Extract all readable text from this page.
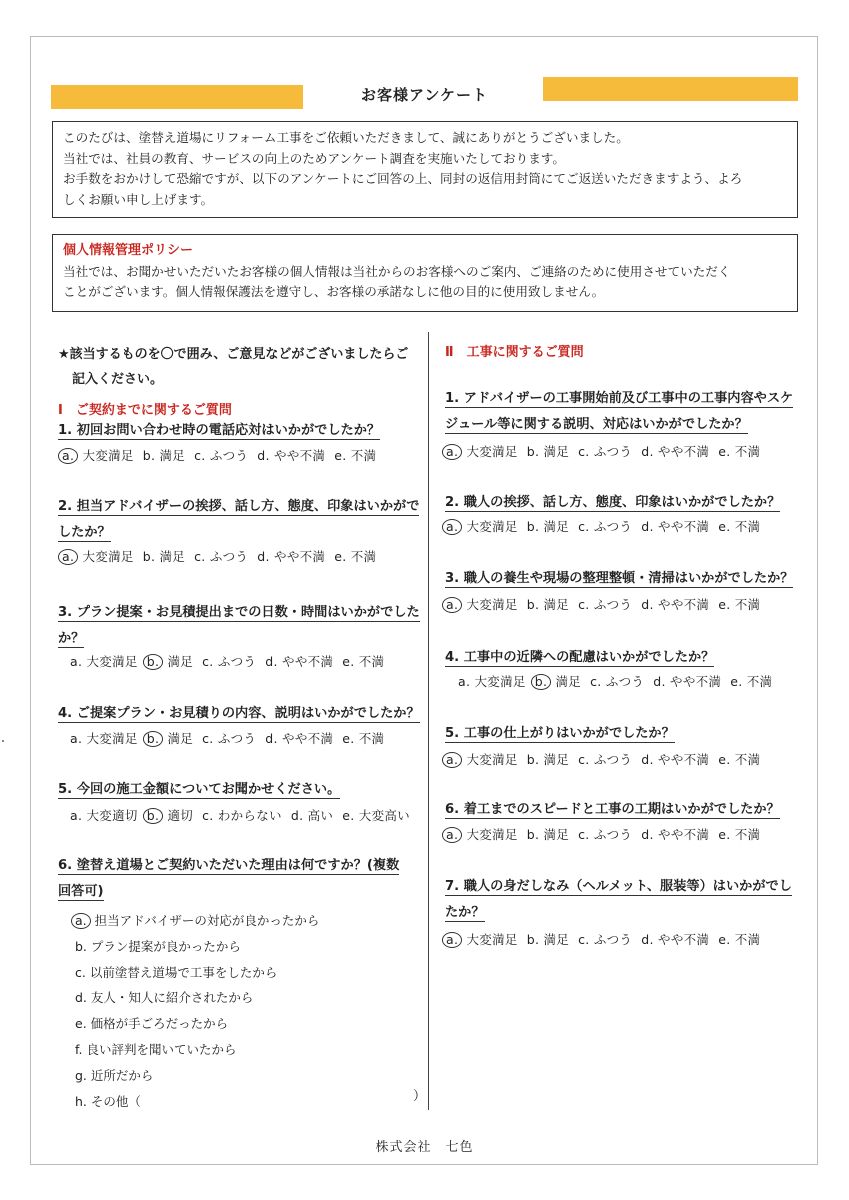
お客様アンケート
このたびは、塗替え道場にリフォーム工事をご依頼いただきまして、誠にありがとうございました。
当社では、社員の教育、サービスの向上のためアンケート調査を実施いたしております。
お手数をおかけして恐縮ですが、以下のアンケートにご回答の上、同封の返信用封筒にてご返送いただきますよう、よろ
しくお願い申し上げます。
個人情報管理ポリシー
当社では、お聞かせいただいたお客様の個人情報は当社からのお客様へのご案内、ご連絡のために使用させていただく
ことがございます。個人情報保護法を遵守し、お客様の承諾なしに他の目的に使用致しません。
★該当するものを〇で囲み、ご意見などがございましたらご
記入ください。
Ⅰ　ご契約までに関するご質問
Ⅱ　工事に関するご質問
1. 初回お問い合わせ時の電話応対はいかがでしたか？
a. 大変満足 b. 満足 c. ふつう d. やや不満 e. 不満
2. 担当アドバイザーの挨拶、話し方、態度、印象はいかがで
したか？
a. 大変満足 b. 満足 c. ふつう d. やや不満 e. 不満
3. プラン提案・お見積提出までの日数・時間はいかがでした
か？
a. 大変満足 b. 満足 c. ふつう d. やや不満 e. 不満
4. ご提案プラン・お見積りの内容、説明はいかがでしたか？
a. 大変満足 b. 満足 c. ふつう d. やや不満 e. 不満
5. 今回の施工金額についてお聞かせください。
a. 大変適切 b. 適切 c. わからない d. 高い e. 大変高い
6. 塗替え道場とご契約いただいた理由は何ですか？(複数
回答可)
a. 担当アドバイザーの対応が良かったから
b. プラン提案が良かったから
c. 以前塗替え道場で工事をしたから
d. 友人・知人に紹介されたから
e. 価格が手ごろだったから
f. 良い評判を聞いていたから
g. 近所だから
h. その他（	）
1. アドバイザーの工事開始前及び工事中の工事内容やスケ
ジュール等に関する説明、対応はいかがでしたか？
a. 大変満足 b. 満足 c. ふつう d. やや不満 e. 不満
2. 職人の挨拶、話し方、態度、印象はいかがでしたか？
a. 大変満足 b. 満足 c. ふつう d. やや不満 e. 不満
3. 職人の養生や現場の整理整頓・清掃はいかがでしたか？
a. 大変満足 b. 満足 c. ふつう d. やや不満 e. 不満
4. 工事中の近隣への配慮はいかがでしたか？
a. 大変満足 b. 満足 c. ふつう d. やや不満 e. 不満
5. 工事の仕上がりはいかがでしたか？
a. 大変満足 b. 満足 c. ふつう d. やや不満 e. 不満
6. 着工までのスピードと工事の工期はいかがでしたか？
a. 大変満足 b. 満足 c. ふつう d. やや不満 e. 不満
7. 職人の身だしなみ（ヘルメット、服装等）はいかがでし
たか？
a. 大変満足 b. 満足 c. ふつう d. やや不満 e. 不満
株式会社　七色
